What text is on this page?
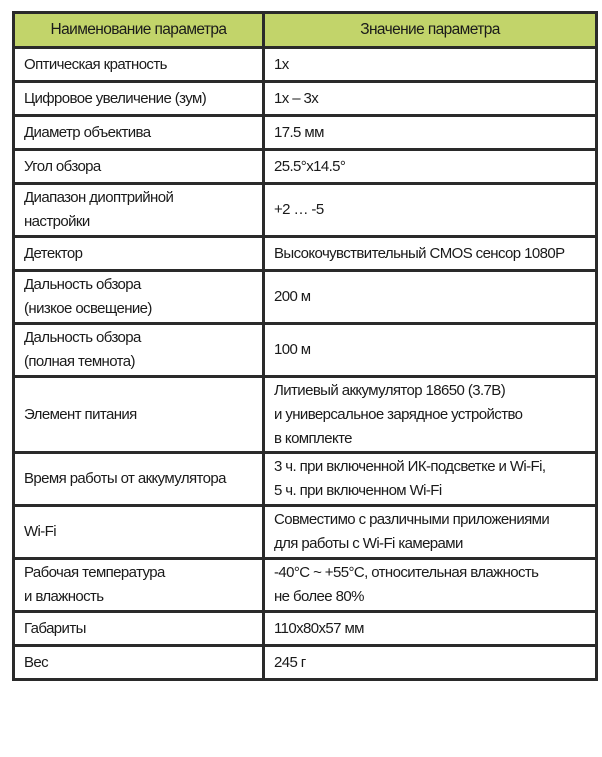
Наименование параметра	Значение параметра

Оптическая кратность	1x

Цифровое увеличение (зум)	1x – 3x

Диаметр объектива	17.5 мм

Угол обзора	25.5°x14.5°

Диапазон диоптрийной
настройки	+2 … -5

Детектор	Высокочувствительный CMOS сенсор 1080P

Дальность обзора
(низкое освещение)	200 м

Дальность обзора
(полная темнота)	100 м

Элемент питания	Литиевый аккумулятор 18650 (3.7В)
и универсальное зарядное устройство
в комплекте

Время работы от аккумулятора	3 ч. при включенной ИК-подсветке и Wi-Fi,
5 ч. при включенном Wi-Fi

Wi-Fi	Совместимо с различными приложениями
для работы с Wi-Fi камерами

Рабочая температура
и влажность	-40°C ~ +55°C, относительная влажность
не более 80%

Габариты	110x80x57 мм

Вес	245 г
